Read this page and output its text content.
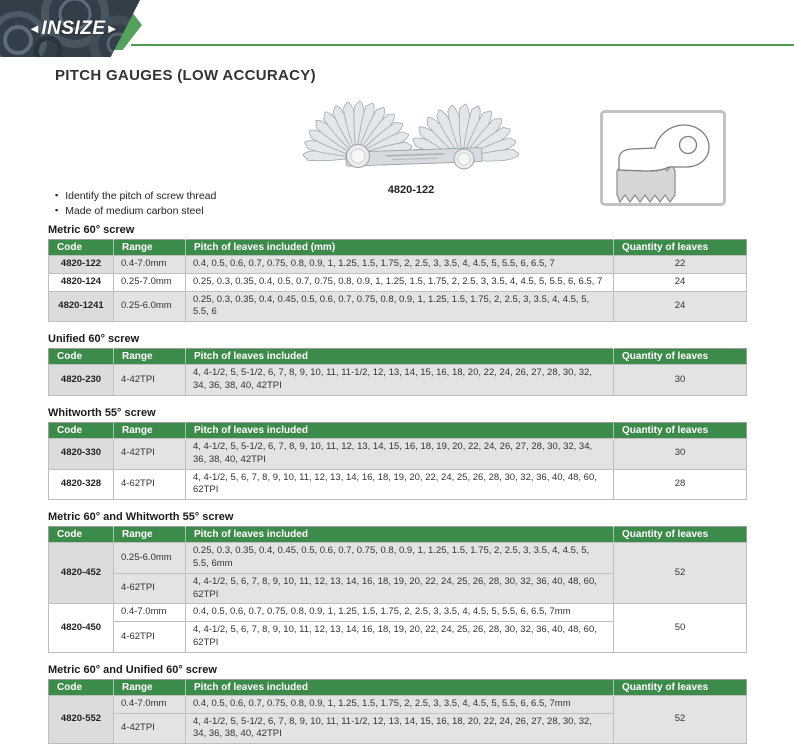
◄ INSIZE ►
PITCH GAUGES (LOW ACCURACY)
▪ Identify the pitch of screw thread
▪ Made of medium carbon steel
4820-122
Metric 60° screw
Code	Range	Pitch of leaves included (mm)	Quantity of leaves
4820-122	0.4-7.0mm	0.4, 0.5, 0.6, 0.7, 0.75, 0.8, 0.9, 1, 1.25, 1.5, 1.75, 2, 2.5, 3, 3.5, 4, 4.5, 5, 5.5, 6, 6.5, 7	22
4820-124	0.25-7.0mm	0.25, 0.3, 0.35, 0.4, 0.5, 0.7, 0.75, 0.8, 0.9, 1, 1.25, 1.5, 1.75, 2, 2.5, 3, 3.5, 4, 4.5, 5, 5.5, 6, 6.5, 7	24
4820-1241	0.25-6.0mm	0.25, 0.3, 0.35, 0.4, 0.45, 0.5, 0.6, 0.7, 0.75, 0.8, 0.9, 1, 1.25, 1.5, 1.75, 2, 2.5, 3, 3.5, 4, 4.5, 5, 5.5, 6	24
Unified 60° screw
Code	Range	Pitch of leaves included	Quantity of leaves
4820-230	4-42TPI	4, 4-1/2, 5, 5-1/2, 6, 7, 8, 9, 10, 11, 11-1/2, 12, 13, 14, 15, 16, 18, 20, 22, 24, 26, 27, 28, 30, 32, 34, 36, 38, 40, 42TPI	30
Whitworth 55° screw
Code	Range	Pitch of leaves included	Quantity of leaves
4820-330	4-42TPI	4, 4-1/2, 5, 5-1/2, 6, 7, 8, 9, 10, 11, 12, 13, 14, 15, 16, 18, 19, 20, 22, 24, 26, 27, 28, 30, 32, 34, 36, 38, 40, 42TPI	30
4820-328	4-62TPI	4, 4-1/2, 5, 6, 7, 8, 9, 10, 11, 12, 13, 14, 16, 18, 19, 20, 22, 24, 25, 26, 28, 30, 32, 36, 40, 48, 60, 62TPI	28
Metric 60° and Whitworth 55° screw
Code	Range	Pitch of leaves included	Quantity of leaves
4820-452	0.25-6.0mm	0.25, 0.3, 0.35, 0.4, 0.45, 0.5, 0.6, 0.7, 0.75, 0.8, 0.9, 1, 1.25, 1.5, 1.75, 2, 2.5, 3, 3.5, 4, 4.5, 5, 5.5, 6mm	52
	4-62TPI	4, 4-1/2, 5, 6, 7, 8, 9, 10, 11, 12, 13, 14, 16, 18, 19, 20, 22, 24, 25, 26, 28, 30, 32, 36, 40, 48, 60, 62TPI	
4820-450	0.4-7.0mm	0.4, 0.5, 0.6, 0.7, 0.75, 0.8, 0.9, 1, 1.25, 1.5, 1.75, 2, 2.5, 3, 3.5, 4, 4.5, 5, 5.5, 6, 6.5, 7mm	50
	4-62TPI	4, 4-1/2, 5, 6, 7, 8, 9, 10, 11, 12, 13, 14, 16, 18, 19, 20, 22, 24, 25, 26, 28, 30, 32, 36, 40, 48, 60, 62TPI	
Metric 60° and Unified 60° screw
Code	Range	Pitch of leaves included	Quantity of leaves
4820-552	0.4-7.0mm	0.4, 0.5, 0.6, 0.7, 0.75, 0.8, 0.9, 1, 1.25, 1.5, 1.75, 2, 2.5, 3, 3.5, 4, 4.5, 5, 5.5, 6, 6.5, 7mm	52
	4-42TPI	4, 4-1/2, 5, 5-1/2, 6, 7, 8, 9, 10, 11, 11-1/2, 12, 13, 14, 15, 16, 18, 20, 22, 24, 26, 27, 28, 30, 32, 34, 36, 38, 40, 42TPI	
